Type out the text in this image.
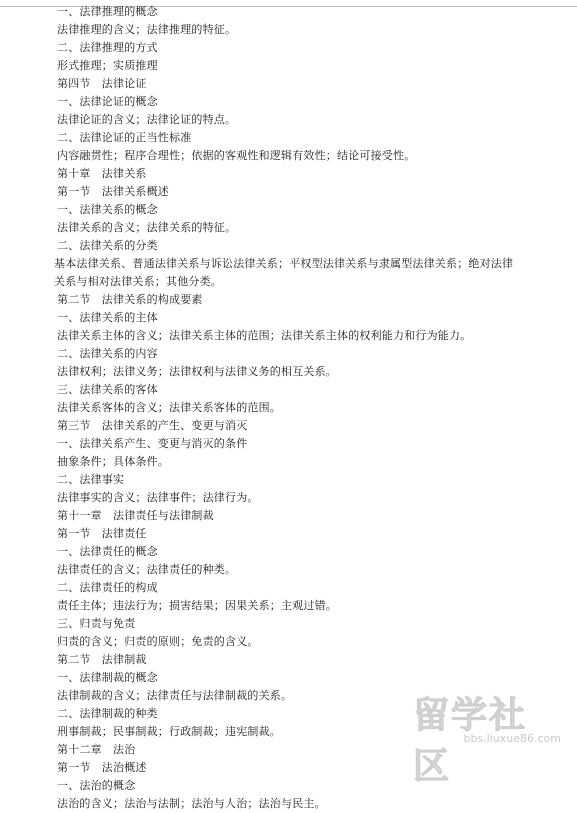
一、法律推理的概念
法律推理的含义；法律推理的特征。
二、法律推理的方式
形式推理；实质推理
第四节　法律论证
一、法律论证的概念
法律论证的含义；法律论证的特点。
二、法律论证的正当性标准
内容融贯性；程序合理性；依据的客观性和逻辑有效性；结论可接受性。
第十章　法律关系
第一节　法律关系概述
一、法律关系的概念
法律关系的含义；法律关系的特征。
二、法律关系的分类
基本法律关系、普通法律关系与诉讼法律关系；平权型法律关系与隶属型法律关系；绝对法律关系与相对法律关系；其他分类。
第二节　法律关系的构成要素
一、法律关系的主体
法律关系主体的含义；法律关系主体的范围；法律关系主体的权利能力和行为能力。
二、法律关系的内容
法律权利；法律义务；法律权利与法律义务的相互关系。
三、法律关系的客体
法律关系客体的含义；法律关系客体的范围。
第三节　法律关系的产生、变更与消灭
一、法律关系产生、变更与消灭的条件
抽象条件；具体条件。
二、法律事实
法律事实的含义；法律事件；法律行为。
第十一章　法律责任与法律制裁
第一节　法律责任
一、法律责任的概念
法律责任的含义；法律责任的种类。
二、法律责任的构成
责任主体；违法行为；损害结果；因果关系；主观过错。
三、归责与免责
归责的含义；归责的原则；免责的含义。
第二节　法律制裁
一、法律制裁的概念
法律制裁的含义；法律责任与法律制裁的关系。
二、法律制裁的种类
刑事制裁；民事制裁；行政制裁；违宪制裁。
第十二章　法治
第一节　法治概述
一、法治的概念
法治的含义；法治与法制；法治与人治；法治与民主。
留学社区
bbs.liuxue86.com
